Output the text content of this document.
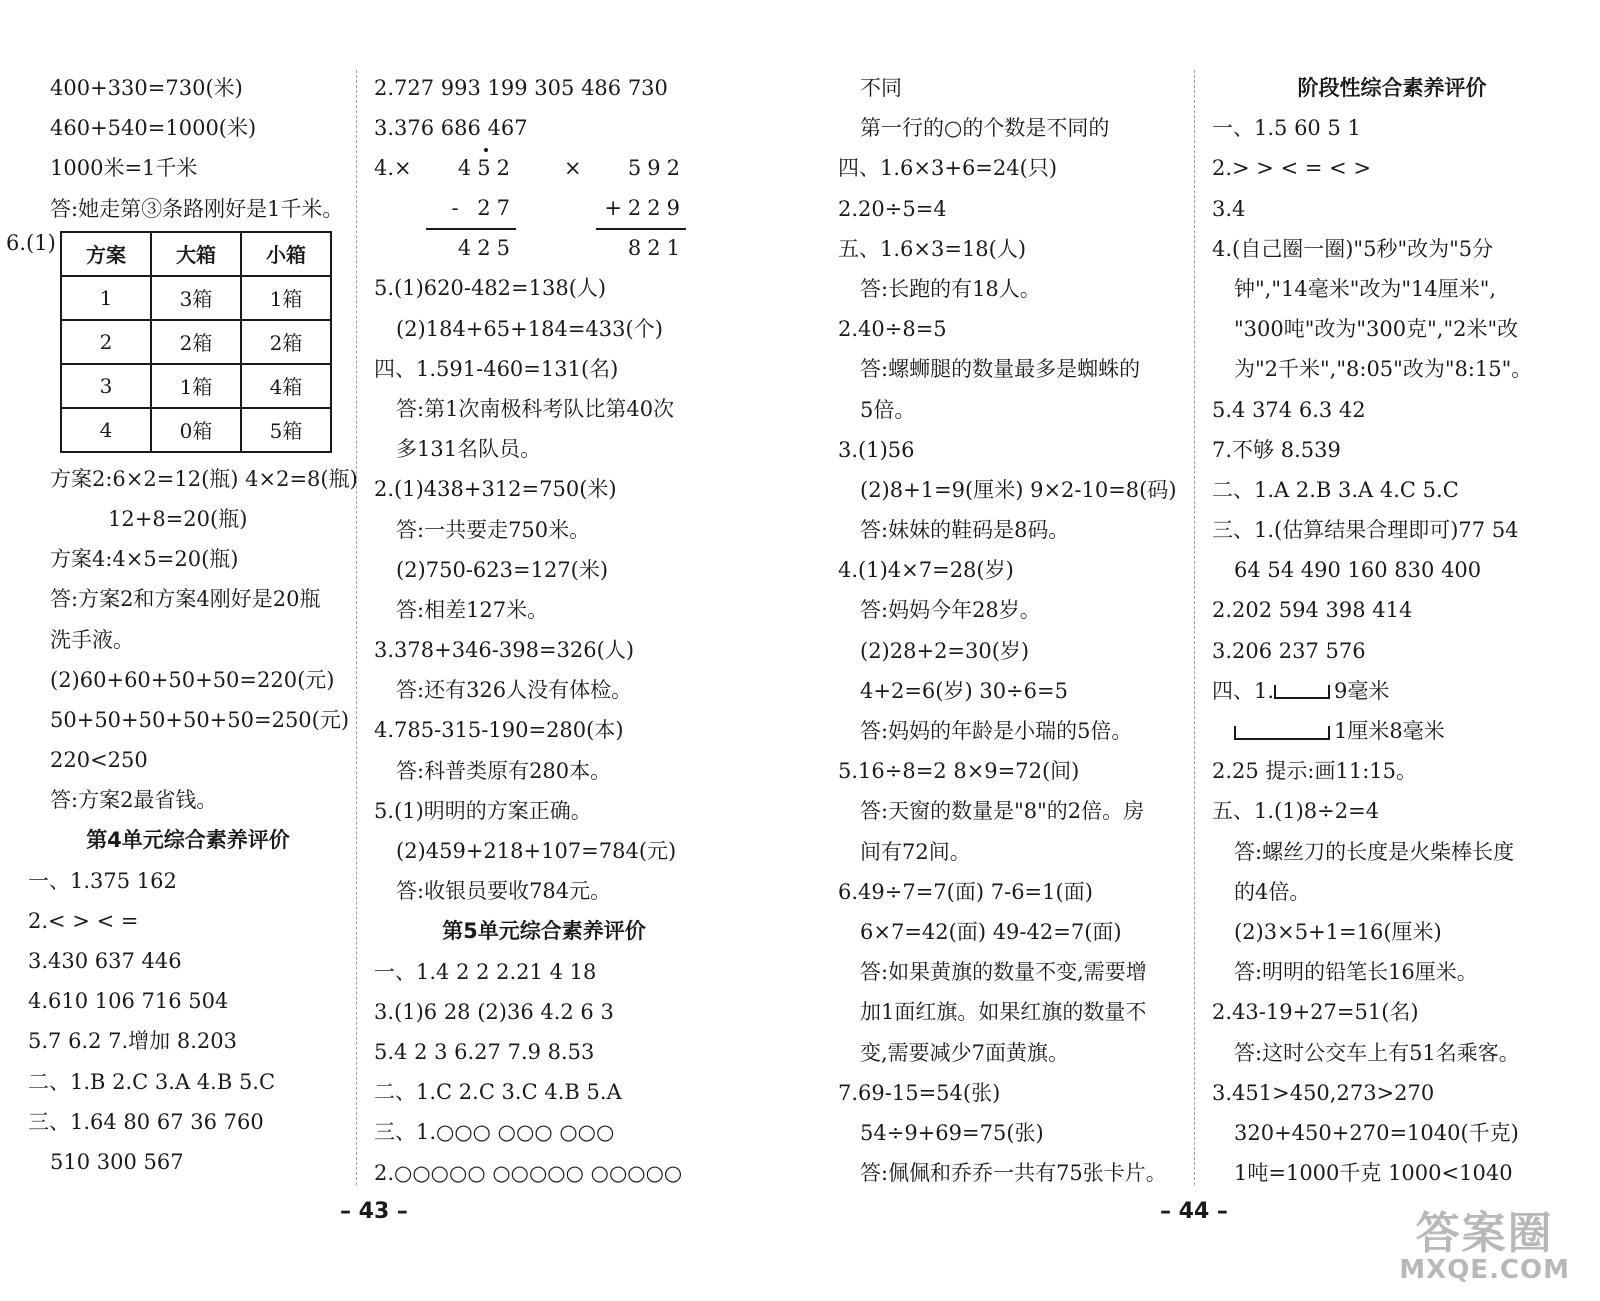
400+330=730(米)
460+540=1000(米)
1000米=1千米
答:她走第③条路刚好是1千米。
6.(1)
方案	大箱	小箱
1	3箱	1箱
2	2箱	2箱
3	1箱	4箱
4	0箱	5箱
方案2:6×2=12(瓶) 4×2=8(瓶)
12+8=20(瓶)
方案4:4×5=20(瓶)
答:方案2和方案4刚好是20瓶
洗手液。
(2)60+60+50+50=220(元)
50+50+50+50+50=250(元)
220<250
答:方案2最省钱。
第4单元综合素养评价
一、1.375 162
2.< > < =
3.430 637 446
4.610 106 716 504
5.7 6.2 7.增加 8.203
二、1.B 2.C 3.A 4.B 5.C
三、1.64 80 67 36 760
510 300 567
2.727 993 199 305 486 730
3.376 686 467
4.×	452
- 27
425
×	592
+229
821
5.(1)620-482=138(人)
(2)184+65+184=433(个)
四、1.591-460=131(名)
答:第1次南极科考队比第40次
多131名队员。
2.(1)438+312=750(米)
答:一共要走750米。
(2)750-623=127(米)
答:相差127米。
3.378+346-398=326(人)
答:还有326人没有体检。
4.785-315-190=280(本)
答:科普类原有280本。
5.(1)明明的方案正确。
(2)459+218+107=784(元)
答:收银员要收784元。
第5单元综合素养评价
一、1.4 2 2 2.21 4 18
3.(1)6 28 (2)36 4.2 6 3
5.4 2 3 6.27 7.9 8.53
二、1.C 2.C 3.C 4.B 5.A
三、1.○○○ ○○○ ○○○
2.○○○○○ ○○○○○ ○○○○○
不同
第一行的○的个数是不同的
四、1.6×3+6=24(只)
2.20÷5=4
五、1.6×3=18(人)
答:长跑的有18人。
2.40÷8=5
答:螺蛳腿的数量最多是蜘蛛的
5倍。
3.(1)56
(2)8+1=9(厘米) 9×2-10=8(码)
答:妹妹的鞋码是8码。
4.(1)4×7=28(岁)
答:妈妈今年28岁。
(2)28+2=30(岁)
4+2=6(岁) 30÷6=5
答:妈妈的年龄是小瑞的5倍。
5.16÷8=2 8×9=72(间)
答:天窗的数量是"8"的2倍。房
间有72间。
6.49÷7=7(面) 7-6=1(面)
6×7=42(面) 49-42=7(面)
答:如果黄旗的数量不变,需要增
加1面红旗。如果红旗的数量不
变,需要减少7面黄旗。
7.69-15=54(张)
54÷9+69=75(张)
答:佩佩和乔乔一共有75张卡片。
阶段性综合素养评价
一、1.5 60 5 1
2.> > < = < >
3.4
4.(自己圈一圈)"5秒"改为"5分
钟","14毫米"改为"14厘米",
"300吨"改为"300克","2米"改
为"2千米","8:05"改为"8:15"。
5.4 374 6.3 42
7.不够 8.539
二、1.A 2.B 3.A 4.C 5.C
三、1.(估算结果合理即可)77 54
64 54 490 160 830 400
2.202 594 398 414
3.206 237 576
四、1.	9毫米
1厘米8毫米
2.25 提示:画11:15。
五、1.(1)8÷2=4
答:螺丝刀的长度是火柴棒长度
的4倍。
(2)3×5+1=16(厘米)
答:明明的铅笔长16厘米。
2.43-19+27=51(名)
答:这时公交车上有51名乘客。
3.451>450,273>270
320+450+270=1040(千克)
1吨=1000千克 1000<1040
– 43 –	– 44 –	答案圈
MXQE.COM
